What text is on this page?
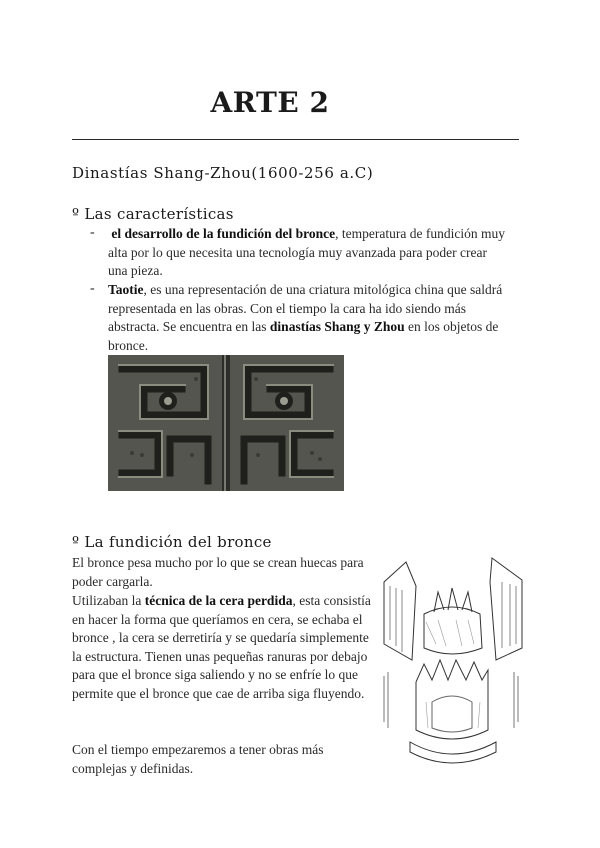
ARTE 2
Dinastías Shang-Zhou(1600-256 a.C)
º Las características
- el desarrollo de la fundición del bronce, temperatura de fundición muy alta por lo que necesita una tecnología muy avanzada para poder crear una pieza.
- Taotie, es una representación de una criatura mitológica china que saldrá representada en las obras. Con el tiempo la cara ha ido siendo más abstracta. Se encuentra en las dinastías Shang y Zhou en los objetos de bronce.
º La fundición del bronce
El bronce pesa mucho por lo que se crean huecas para poder cargarla.
Utilizaban la técnica de la cera perdida, esta consistía en hacer la forma que queríamos en cera, se echaba el bronce , la cera se derretiría y se quedaría simplemente la estructura. Tienen unas pequeñas ranuras por debajo para que el bronce siga saliendo y no se enfríe lo que permite que el bronce que cae de arriba siga fluyendo.
Con el tiempo empezaremos a tener obras más complejas y definidas.
